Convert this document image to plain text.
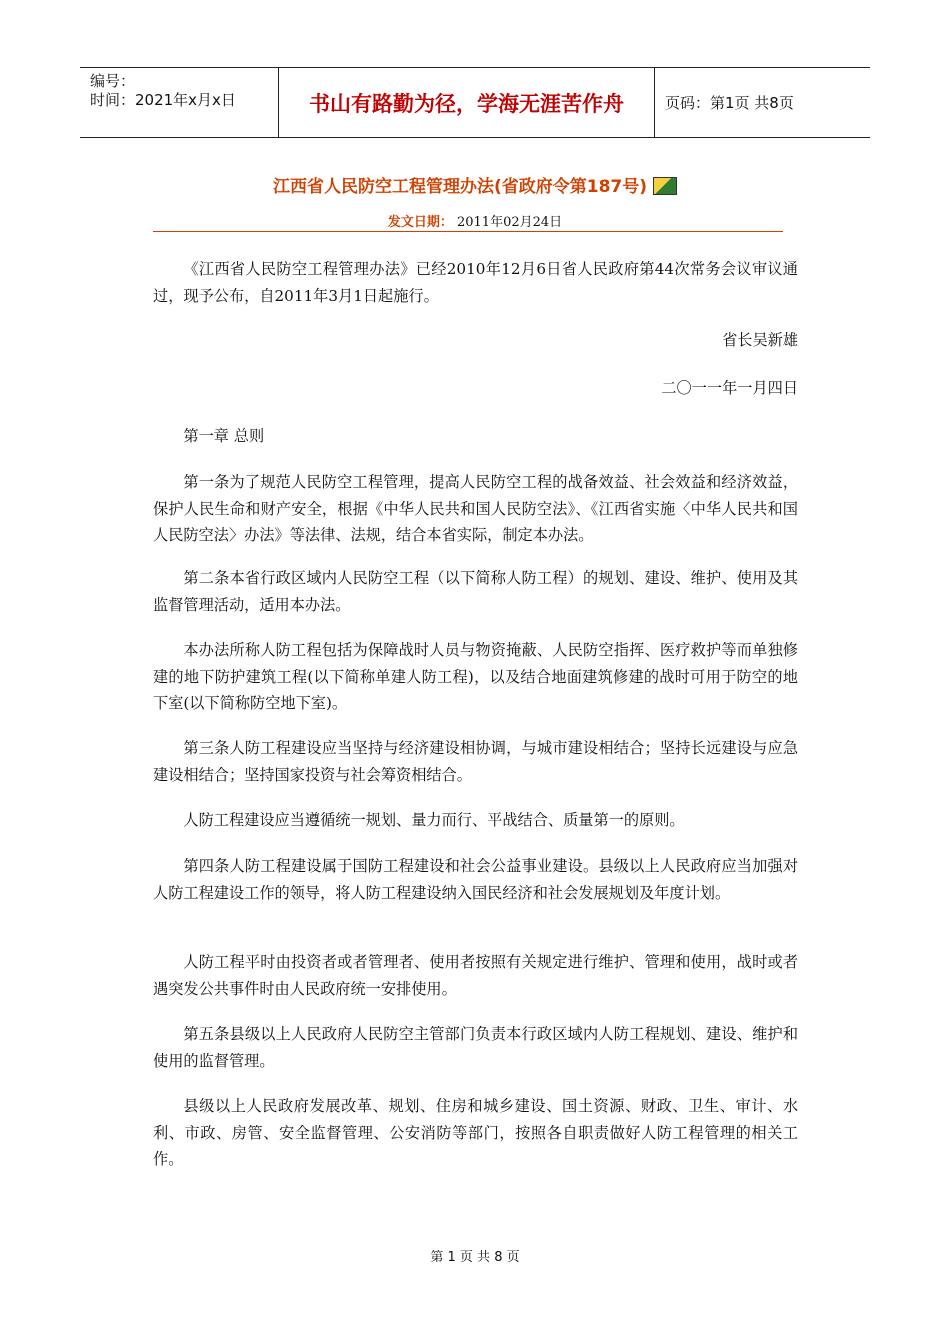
编号：
时间：2021年x月x日	书山有路勤为径，学海无涯苦作舟	页码：第1页 共8页
江西省人民防空工程管理办法(省政府令第187号)
发文日期： 2011年02月24日

《江西省人民防空工程管理办法》已经2010年12月6日省人民政府第44次常务会议审议通过，现予公布，自2011年3月1日起施行。

省长吴新雄

二〇一一年一月四日

第一章 总则

第一条为了规范人民防空工程管理，提高人民防空工程的战备效益、社会效益和经济效益，保护人民生命和财产安全，根据《中华人民共和国人民防空法》、《江西省实施〈中华人民共和国人民防空法〉办法》等法律、法规，结合本省实际，制定本办法。

第二条本省行政区域内人民防空工程（以下简称人防工程）的规划、建设、维护、使用及其监督管理活动，适用本办法。

本办法所称人防工程包括为保障战时人员与物资掩蔽、人民防空指挥、医疗救护等而单独修建的地下防护建筑工程(以下简称单建人防工程)，以及结合地面建筑修建的战时可用于防空的地下室(以下简称防空地下室)。

第三条人防工程建设应当坚持与经济建设相协调，与城市建设相结合；坚持长远建设与应急建设相结合；坚持国家投资与社会筹资相结合。

人防工程建设应当遵循统一规划、量力而行、平战结合、质量第一的原则。

第四条人防工程建设属于国防工程建设和社会公益事业建设。县级以上人民政府应当加强对人防工程建设工作的领导，将人防工程建设纳入国民经济和社会发展规划及年度计划。

人防工程平时由投资者或者管理者、使用者按照有关规定进行维护、管理和使用，战时或者遇突发公共事件时由人民政府统一安排使用。

第五条县级以上人民政府人民防空主管部门负责本行政区域内人防工程规划、建设、维护和使用的监督管理。

县级以上人民政府发展改革、规划、住房和城乡建设、国土资源、财政、卫生、审计、水利、市政、房管、安全监督管理、公安消防等部门，按照各自职责做好人防工程管理的相关工作。

第 1 页 共 8 页
